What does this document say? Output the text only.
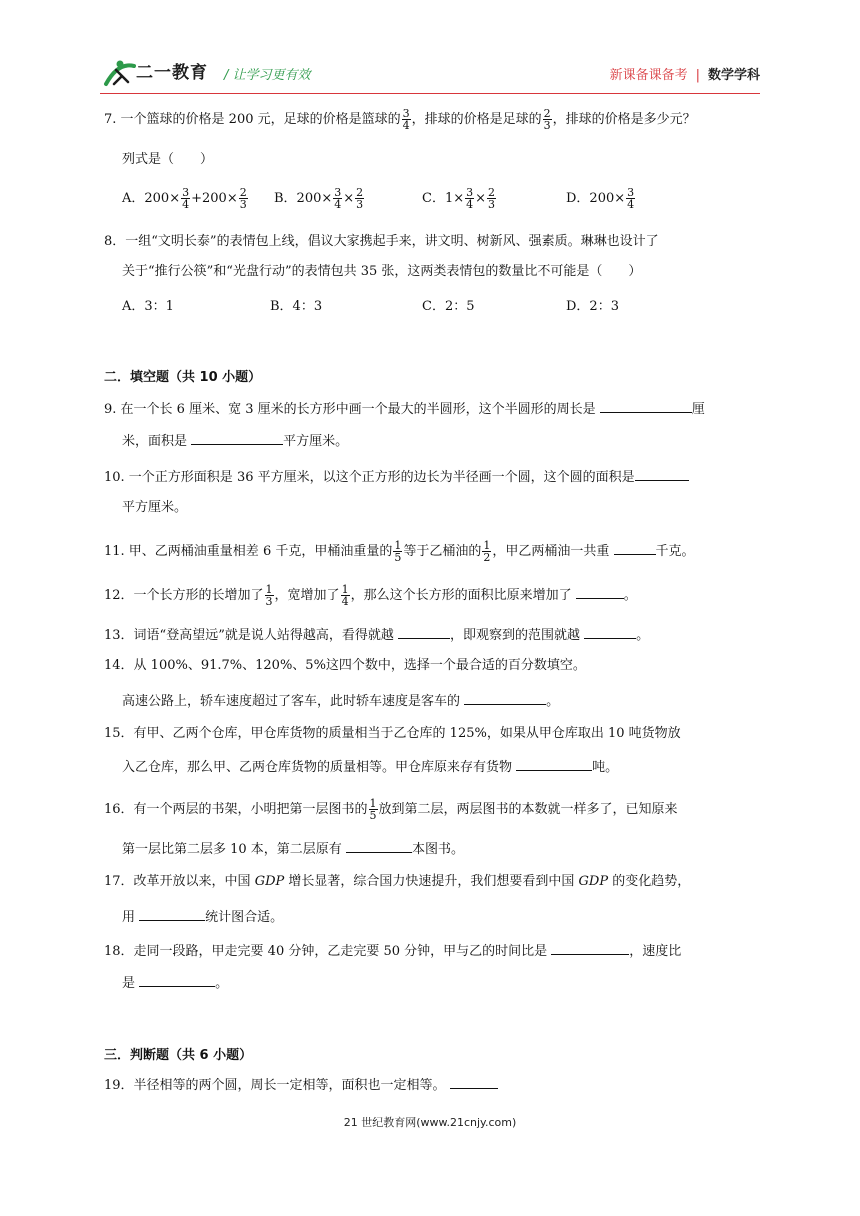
二一教育 / 让学习更有效	新课备课备考 | 数学学科
7. 一个篮球的价格是 200 元，足球的价格是篮球的 $\frac{3}{4}$ ，排球的价格是足球的 $\frac{2}{3}$ ，排球的价格是多少元？
列式是（　　）
A．$200\times \frac{3}{4} +200\times \frac{2}{3}$ B．$200\times \frac{3}{4} \times \frac{2}{3}$	C．$1\times \frac{3}{4} \times \frac{2}{3}$	D．$200\times \frac{3}{4}$
8．一组“文明长泰”的表情包上线，倡议大家携起手来，讲文明、树新风、强素质。琳琳也设计了
关于“推行公筷”和“光盘行动”的表情包共 35 张，这两类表情包的数量比不可能是（　　）
A．3：1	B．4：3	C．2：5	D．2：3
二．填空题（共 10 小题）
9. 在一个长 6 厘米、宽 3 厘米的长方形中画一个最大的半圆形，这个半圆形的周长是	厘
米，面积是	平方厘米。
10. 一个正方形面积是 36 平方厘米，以这个正方形的边长为半径画一个圆，这个圆的面积是
平方厘米。
11. 甲、乙两桶油重量相差 6 千克，甲桶油重量的 $\frac{1}{5}$ 等于乙桶油的 $\frac{1}{2}$ ，甲乙两桶油一共重	千克。
12．一个长方形的长增加了 $\frac{1}{3}$ ，宽增加了 $\frac{1}{4}$ ，那么这个长方形的面积比原来增加了	。
13．词语“登高望远”就是说人站得越高，看得就越	，即观察到的范围就越	。
14．从 100%、91.7%、120%、5%这四个数中，选择一个最合适的百分数填空。
高速公路上，轿车速度超过了客车，此时轿车速度是客车的	。
15．有甲、乙两个仓库，甲仓库货物的质量相当于乙仓库的 125%，如果从甲仓库取出 10 吨货物放
入乙仓库，那么甲、乙两仓库货物的质量相等。甲仓库原来存有货物	吨。
16．有一个两层的书架，小明把第一层图书的 $\frac{1}{5}$ 放到第二层，两层图书的本数就一样多了，已知原来
第一层比第二层多 10 本，第二层原有	本图书。
17．改革开放以来，中国 GDP 增长显著，综合国力快速提升，我们想要看到中国 GDP 的变化趋势，
用	统计图合适。
18．走同一段路，甲走完要 40 分钟，乙走完要 50 分钟，甲与乙的时间比是	，速度比
是	。
三．判断题（共 6 小题）
19．半径相等的两个圆，周长一定相等，面积也一定相等。
21 世纪教育网(www.21cnjy.com)
